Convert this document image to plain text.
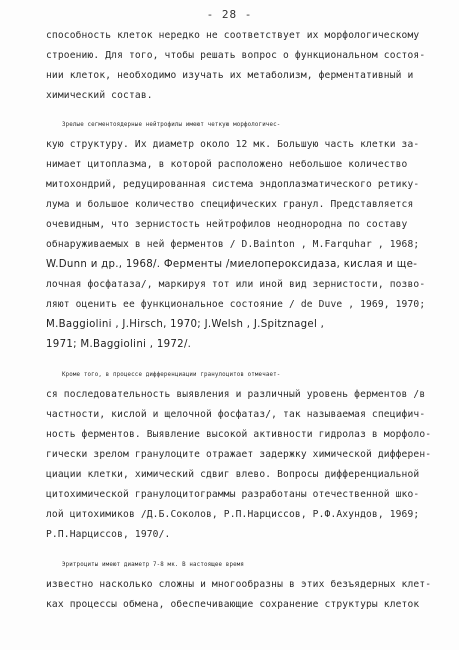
- 28 -
способность клеток нередко не соответствует их морфологическому
строению. Для того, чтобы решать вопрос о функциональном состоя-
нии клеток, необходимо изучать их метаболизм, ферментативный и
химический состав.
Зрелые сегментоядерные нейтрофилы имеют четкую морфологичес-
кую структуру. Их диаметр около 12 мк. Большую часть клетки за-
нимает цитоплазма, в которой расположено небольшое количество
митохондрий, редуцированная система эндоплазматического ретику-
лума и большое количество специфических гранул. Представляется
очевидным, что зернистость нейтрофилов неоднородна по составу
обнаруживаемых в ней ферментов / D.Bainton , M.Farquhar , 1968;
W.Dunn и др., 1968/. Ферменты /миелопероксидаза, кислая и ще-
лочная фосфатаза/, маркируя тот или иной вид зернистости, позво-
ляют оценить ее функциональное состояние / de Duve , 1969, 1970;
M.Baggiolini , J.Hirsch, 1970; J.Welsh , J.Spitznagel ,
1971; M.Baggiolini , 1972/.
Кроме того, в процессе дифференциации гранулоцитов отмечает-
ся последовательность выявления и различный уровень ферментов /в
частности, кислой и щелочной фосфатаз/, так называемая специфич-
ность ферментов. Выявление высокой активности гидролаз в морфоло-
гически зрелом гранулоците отражает задержку химической дифферен-
циации клетки, химический сдвиг влево. Вопросы дифференциальной
цитохимической гранулоцитограммы разработаны отечественной шко-
лой цитохимиков /Д.Б.Соколов, Р.П.Нарциссов, Р.Ф.Ахундов, 1969;
Р.П.Нарциссов, 1970/.
Эритроциты имеют диаметр 7-8 мк. В настоящее время
известно насколько сложны и многообразны в этих безъядерных клет-
ках процессы обмена, обеспечивающие сохранение структуры клеток
